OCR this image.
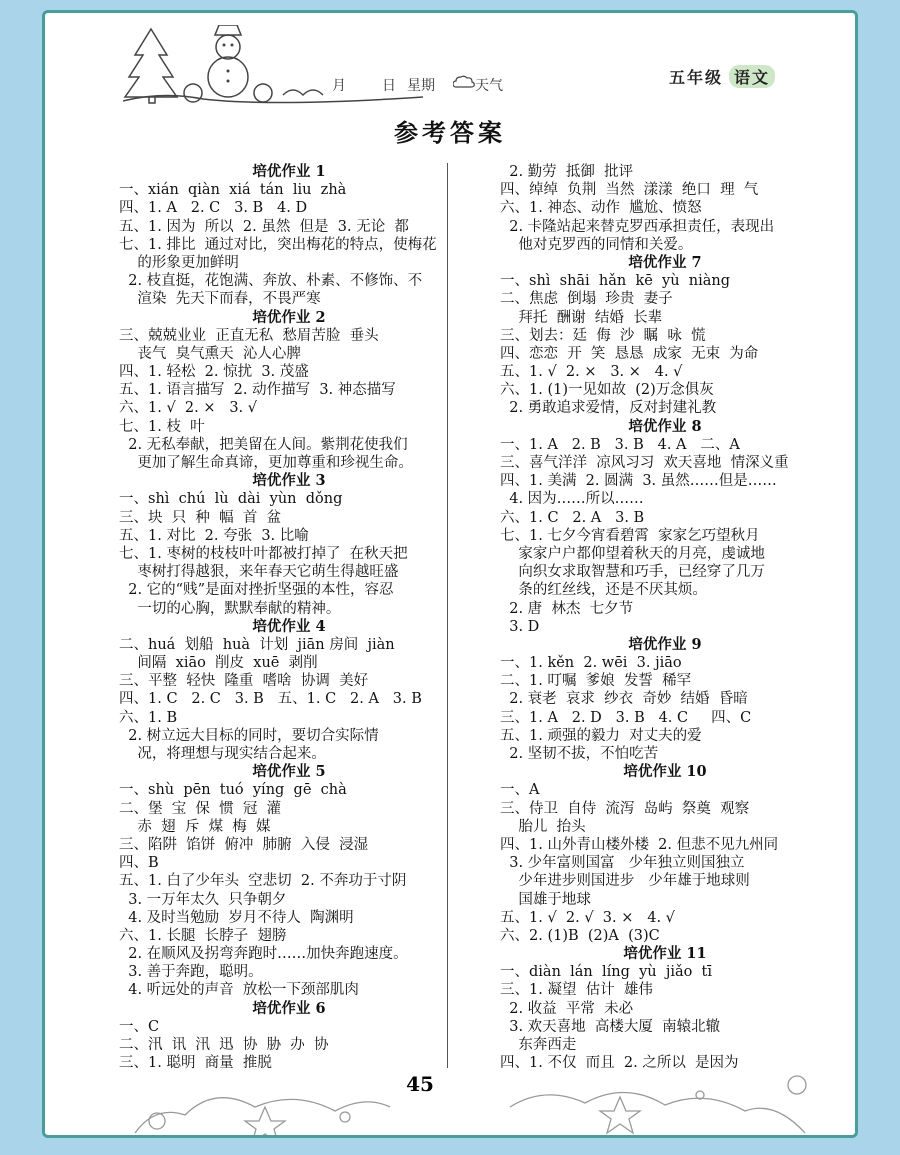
月	日 星期	天气	五年级 语文
参考答案
培优作业 1
一、xián  qiàn  xiá  tán  liu  zhà
四、1. A   2. C   3. B   4. D
五、1. 因为  所以  2. 虽然  但是  3. 无论  都
七、1. 排比  通过对比，突出梅花的特点，使梅花
的形象更加鲜明
2. 枝直挺，花饱满、奔放、朴素、不修饰、不
渲染  先天下而春，不畏严寒
培优作业 2
三、兢兢业业  正直无私  愁眉苦脸  垂头
丧气  臭气熏天  沁人心脾
四、1. 轻松  2. 惊扰  3. 茂盛
五、1. 语言描写  2. 动作描写  3. 神态描写
六、1. √  2. ×   3. √
七、1. 枝  叶
2. 无私奉献，把美留在人间。紫荆花使我们
更加了解生命真谛，更加尊重和珍视生命。
培优作业 3
一、shì  chú  lù  dài  yùn  dǒng
三、块  只  种  幅  首  盆
五、1. 对比  2. 夸张  3. 比喻
七、1. 枣树的枝枝叶叶都被打掉了  在秋天把
枣树打得越狠，来年春天它萌生得越旺盛
2. 它的“贱”是面对挫折坚强的本性，容忍
一切的心胸，默默奉献的精神。
培优作业 4
二、huá  划船  huà  计划  jiān 房间  jiàn
间隔  xiāo  削皮  xuē  剥削
三、平整  轻快  隆重  嗜啥  协调  美好
四、1. C   2. C   3. B   五、1. C   2. A   3. B
六、1. B
2. 树立远大目标的同时，要切合实际情
况，将理想与现实结合起来。
培优作业 5
一、shù  pēn  tuó  yíng  gē  chà
二、堡  宝  保  惯  冠  灌
赤  翅  斥  煤  梅  媒
三、陷阱  馅饼  俯冲  肺腑  入侵  浸湿
四、B
五、1. 白了少年头  空悲切  2. 不奔功于寸阴
3. 一万年太久  只争朝夕
4. 及时当勉励  岁月不待人  陶渊明
六、1. 长腿  长脖子  翅膀
2. 在顺风及拐弯奔跑时……加快奔跑速度。
3. 善于奔跑，聪明。
4. 听远处的声音  放松一下颈部肌肉
培优作业 6
一、C
二、汛  讯  汛  迅  协  胁  办  协
三、1. 聪明  商量  推脱
2. 勤劳  抵御  批评
四、绰绰  负荆  当然  漾漾  绝口  理  气
六、1. 神态、动作  尴尬、愤怒
2. 卡隆站起来替克罗西承担责任，表现出
他对克罗西的同情和关爱。
培优作业 7
一、shì  shāi  hǎn  kē  yù  niàng
二、焦虑  倒塌  珍贵  妻子
拜托  酬谢  结婚  长辈
三、划去：廷  侮  沙  瞩  咏  慌
四、恋恋  开  笑  恳恳  成家  无束  为命
五、1. √  2. ×   3. ×   4. √
六、1. (1)一见如故  (2)万念俱灰
2. 勇敢追求爱情，反对封建礼教
培优作业 8
一、1. A   2. B   3. B   4. A   二、A
三、喜气洋洋  凉风习习  欢天喜地  情深义重
四、1. 美满  2. 圆满  3. 虽然……但是……
4. 因为……所以……
六、1. C   2. A   3. B
七、1. 七夕今宵看碧霄  家家乞巧望秋月
家家户户都仰望着秋天的月亮，虔诚地
向织女求取智慧和巧手，已经穿了几万
条的红丝线，还是不厌其烦。
2. 唐  林杰  七夕节
3. D
培优作业 9
一、1. kěn  2. wēi  3. jiāo
二、1. 叮嘱  爹娘  发誓  稀罕
2. 衰老  哀求  纱衣  奇妙  结婚  昏暗
三、1. A   2. D   3. B   4. C     四、C
五、1. 顽强的毅力  对丈夫的爱
2. 坚韧不拔，不怕吃苦
培优作业 10
一、A
三、侍卫  自侍  流泻  岛屿  祭奠  观察
胎儿  抬头
四、1. 山外青山楼外楼  2. 但悲不见九州同
3. 少年富则国富   少年独立则国独立
少年进步则国进步   少年雄于地球则
国雄于地球
五、1. √  2. √  3. ×   4. √
六、2. (1)B  (2)A  (3)C
培优作业 11
一、diàn  lán  líng  yù  jiǎo  tī
三、1. 凝望  估计  雄伟
2. 收益  平常  未必
3. 欢天喜地  高楼大厦  南辕北辙
东奔西走
四、1. 不仅  而且  2. 之所以  是因为
45
